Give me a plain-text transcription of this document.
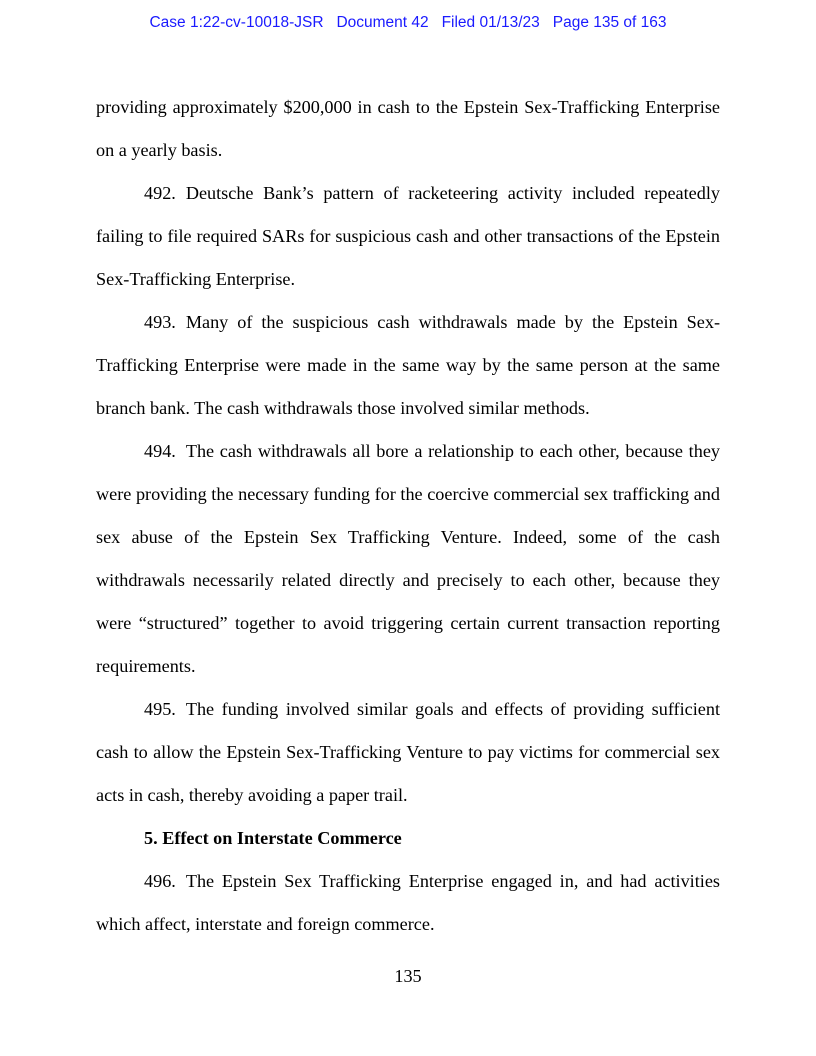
Case 1:22-cv-10018-JSR Document 42 Filed 01/13/23 Page 135 of 163

providing approximately $200,000 in cash to the Epstein Sex-Trafficking Enterprise on a yearly basis.

492. Deutsche Bank’s pattern of racketeering activity included repeatedly failing to file required SARs for suspicious cash and other transactions of the Epstein Sex-Trafficking Enterprise.

493. Many of the suspicious cash withdrawals made by the Epstein Sex-Trafficking Enterprise were made in the same way by the same person at the same branch bank. The cash withdrawals those involved similar methods.

494. The cash withdrawals all bore a relationship to each other, because they were providing the necessary funding for the coercive commercial sex trafficking and sex abuse of the Epstein Sex Trafficking Venture. Indeed, some of the cash withdrawals necessarily related directly and precisely to each other, because they were “structured” together to avoid triggering certain current transaction reporting requirements.

495. The funding involved similar goals and effects of providing sufficient cash to allow the Epstein Sex-Trafficking Venture to pay victims for commercial sex acts in cash, thereby avoiding a paper trail.

5. Effect on Interstate Commerce

496. The Epstein Sex Trafficking Enterprise engaged in, and had activities which affect, interstate and foreign commerce.

135
